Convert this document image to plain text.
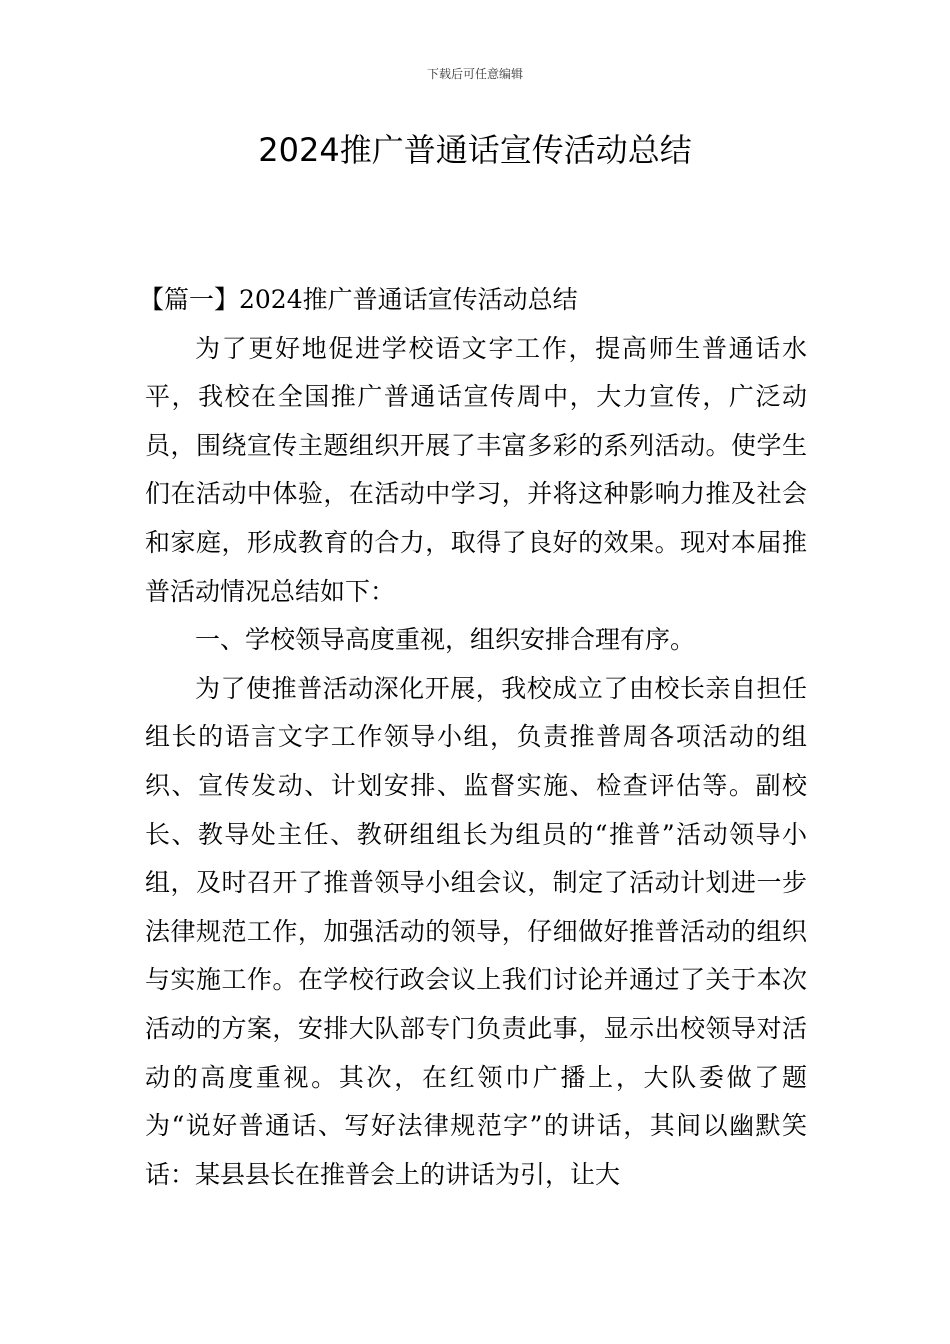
下载后可任意编辑
2024推广普通话宣传活动总结

【篇一】2024推广普通话宣传活动总结

为了更好地促进学校语文字工作，提高师生普通话水平，我校在全国推广普通话宣传周中，大力宣传，广泛动员，围绕宣传主题组织开展了丰富多彩的系列活动。使学生们在活动中体验，在活动中学习，并将这种影响力推及社会和家庭，形成教育的合力，取得了良好的效果。现对本届推普活动情况总结如下：

一、学校领导高度重视，组织安排合理有序。

为了使推普活动深化开展，我校成立了由校长亲自担任组长的语言文字工作领导小组，负责推普周各项活动的组织、宣传发动、计划安排、监督实施、检查评估等。副校长、教导处主任、教研组组长为组员的“推普”活动领导小组，及时召开了推普领导小组会议，制定了活动计划进一步法律规范工作，加强活动的领导，仔细做好推普活动的组织与实施工作。在学校行政会议上我们讨论并通过了关于本次活动的方案，安排大队部专门负责此事，显示出校领导对活动的高度重视。其次，在红领巾广播上，大队委做了题为“说好普通话、写好法律规范字”的讲话，其间以幽默笑话：某县县长在推普会上的讲话为引，让大
